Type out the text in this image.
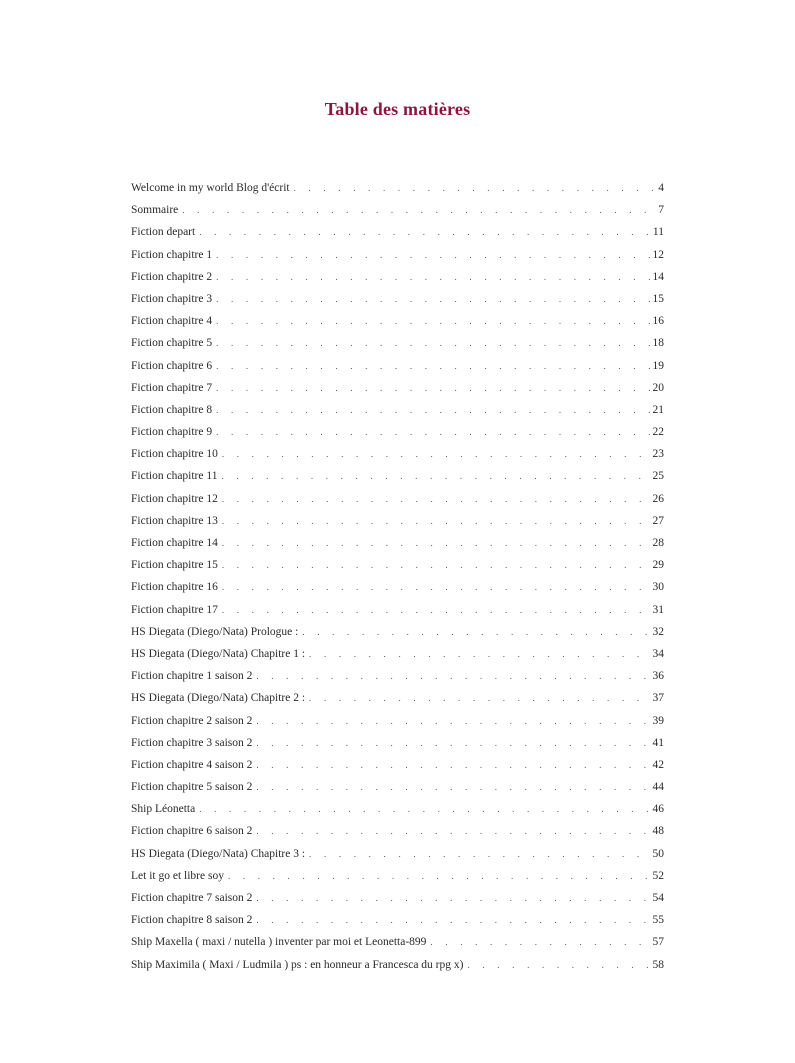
Table des matières
Welcome in my world Blog d'écrit . . .	4
Sommaire . . .	7
Fiction depart . . .	11
Fiction chapitre 1 . . .	12
Fiction chapitre 2 . . .	14
Fiction chapitre 3 . . .	15
Fiction chapitre 4 . . .	16
Fiction chapitre 5 . . .	18
Fiction chapitre 6 . . .	19
Fiction chapitre 7 . . .	20
Fiction chapitre 8 . . .	21
Fiction chapitre 9 . . .	22
Fiction chapitre 10 . . .	23
Fiction chapitre 11 . . .	25
Fiction chapitre 12 . . .	26
Fiction chapitre 13 . . .	27
Fiction chapitre 14 . . .	28
Fiction chapitre 15 . . .	29
Fiction chapitre 16 . . .	30
Fiction chapitre 17 . . .	31
HS Diegata (Diego/Nata) Prologue : . . .	32
HS Diegata (Diego/Nata) Chapitre 1 : . . .	34
Fiction chapitre 1 saison 2 . . .	36
HS Diegata (Diego/Nata) Chapitre 2 : . . .	37
Fiction chapitre 2 saison 2 . . .	39
Fiction chapitre 3 saison 2 . . .	41
Fiction chapitre 4 saison 2 . . .	42
Fiction chapitre 5 saison 2 . . .	44
Ship Léonetta . . .	46
Fiction chapitre 6 saison 2 . . .	48
HS Diegata (Diego/Nata) Chapitre 3 : . . .	50
Let it go et libre soy . . .	52
Fiction chapitre 7 saison 2 . . .	54
Fiction chapitre 8 saison 2 . . .	55
Ship Maxella ( maxi / nutella ) inventer par moi et Leonetta-899 . . .	57
Ship Maximila ( Maxi / Ludmila ) ps : en honneur a Francesca du rpg x) . . .	58
